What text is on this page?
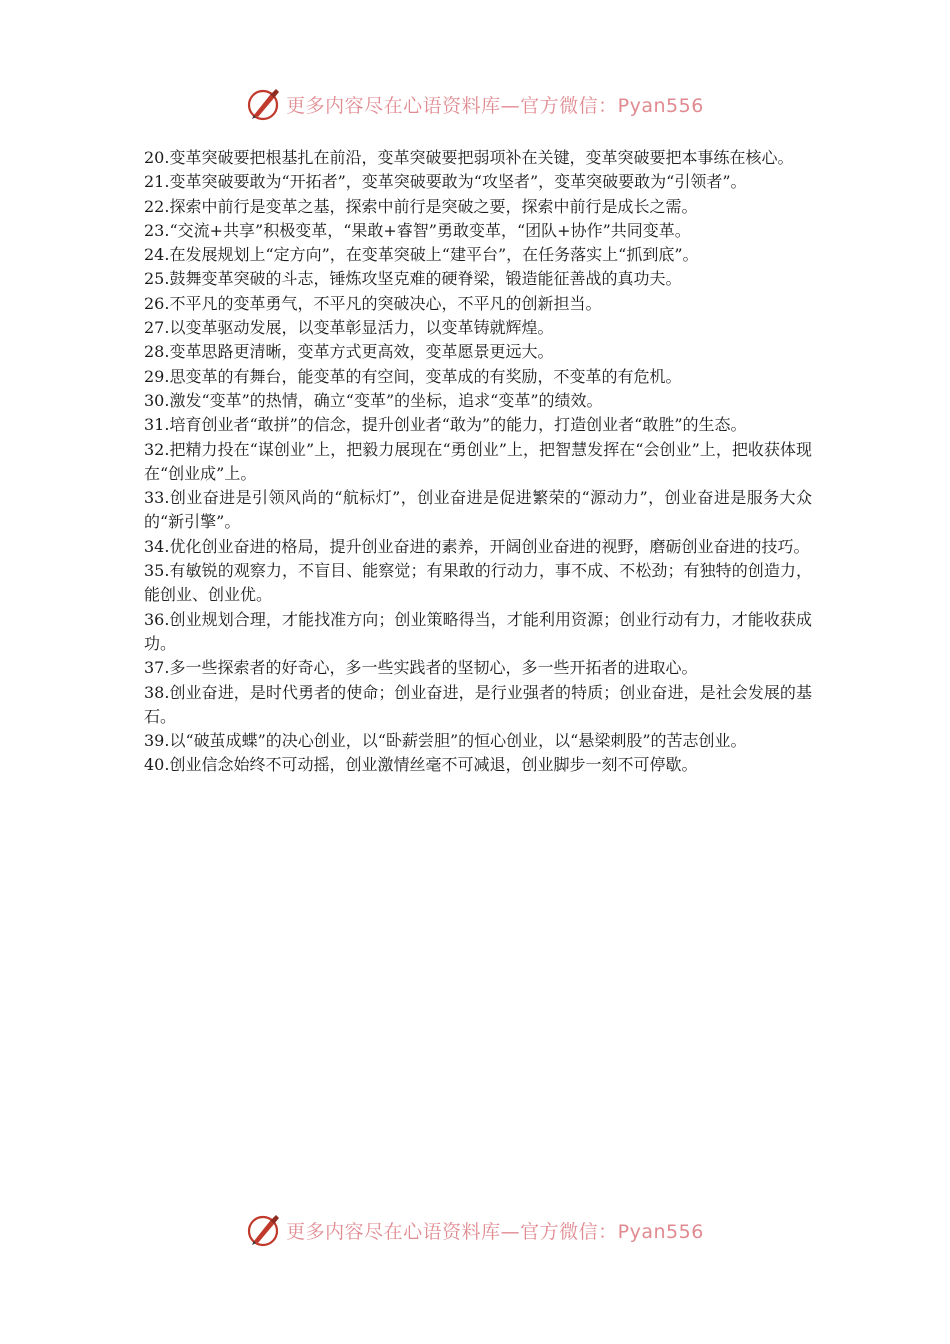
更多内容尽在心语资料库—官方微信：Pyan556

20.变革突破要把根基扎在前沿，变革突破要把弱项补在关键，变革突破要把本事练在核心。

21.变革突破要敢为“开拓者”，变革突破要敢为“攻坚者”，变革突破要敢为“引领者”。

22.探索中前行是变革之基，探索中前行是突破之要，探索中前行是成长之需。

23.“交流+共享”积极变革，“果敢+睿智”勇敢变革，“团队+协作”共同变革。

24.在发展规划上“定方向”，在变革突破上“建平台”，在任务落实上“抓到底”。

25.鼓舞变革突破的斗志，锤炼攻坚克难的硬脊梁，锻造能征善战的真功夫。

26.不平凡的变革勇气，不平凡的突破决心，不平凡的创新担当。

27.以变革驱动发展，以变革彰显活力，以变革铸就辉煌。

28.变革思路更清晰，变革方式更高效，变革愿景更远大。

29.思变革的有舞台，能变革的有空间，变革成的有奖励，不变革的有危机。

30.激发“变革”的热情，确立“变革”的坐标，追求“变革”的绩效。

31.培育创业者“敢拼”的信念，提升创业者“敢为”的能力，打造创业者“敢胜”的生态。

32.把精力投在“谋创业”上，把毅力展现在“勇创业”上，把智慧发挥在“会创业”上，把收获体现在“创业成”上。

33.创业奋进是引领风尚的“航标灯”，创业奋进是促进繁荣的“源动力”，创业奋进是服务大众的“新引擎”。

34.优化创业奋进的格局，提升创业奋进的素养，开阔创业奋进的视野，磨砺创业奋进的技巧。

35.有敏锐的观察力，不盲目、能察觉；有果敢的行动力，事不成、不松劲；有独特的创造力，能创业、创业优。

36.创业规划合理，才能找准方向；创业策略得当，才能利用资源；创业行动有力，才能收获成功。

37.多一些探索者的好奇心，多一些实践者的坚韧心，多一些开拓者的进取心。

38.创业奋进，是时代勇者的使命；创业奋进，是行业强者的特质；创业奋进，是社会发展的基石。

39.以“破茧成蝶”的决心创业，以“卧薪尝胆”的恒心创业，以“悬梁刺股”的苦志创业。

40.创业信念始终不可动摇，创业激情丝毫不可减退，创业脚步一刻不可停歇。

更多内容尽在心语资料库—官方微信：Pyan556
